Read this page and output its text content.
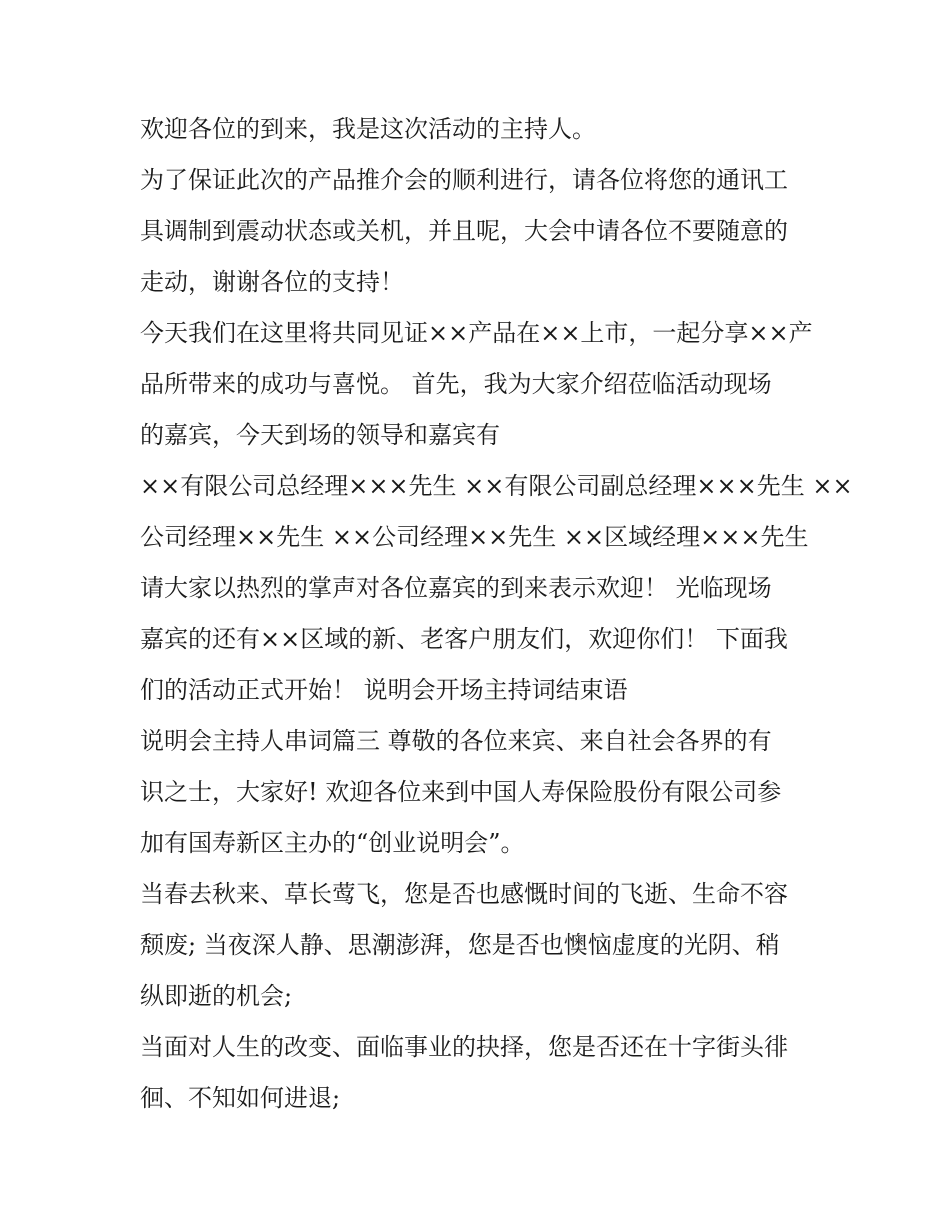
欢迎各位的到来，我是这次活动的主持人。
为了保证此次的产品推介会的顺利进行，请各位将您的通讯工
具调制到震动状态或关机，并且呢，大会中请各位不要随意的
走动，谢谢各位的支持！
今天我们在这里将共同见证××产品在××上市，一起分享××产
品所带来的成功与喜悦。 首先，我为大家介绍莅临活动现场
的嘉宾，今天到场的领导和嘉宾有
××有限公司总经理×××先生 ××有限公司副总经理×××先生 ××
公司经理××先生 ××公司经理××先生 ××区域经理×××先生
请大家以热烈的掌声对各位嘉宾的到来表示欢迎！ 光临现场
嘉宾的还有××区域的新、老客户朋友们，欢迎你们！ 下面我
们的活动正式开始！ 说明会开场主持词结束语
说明会主持人串词篇三 尊敬的各位来宾、来自社会各界的有
识之士，大家好! 欢迎各位来到中国人寿保险股份有限公司参
加有国寿新区主办的“创业说明会”。
当春去秋来、草长莺飞，您是否也感慨时间的飞逝、生命不容
颓废; 当夜深人静、思潮澎湃，您是否也懊恼虚度的光阴、稍
纵即逝的机会;
当面对人生的改变、面临事业的抉择，您是否还在十字街头徘
徊、不知如何进退;
